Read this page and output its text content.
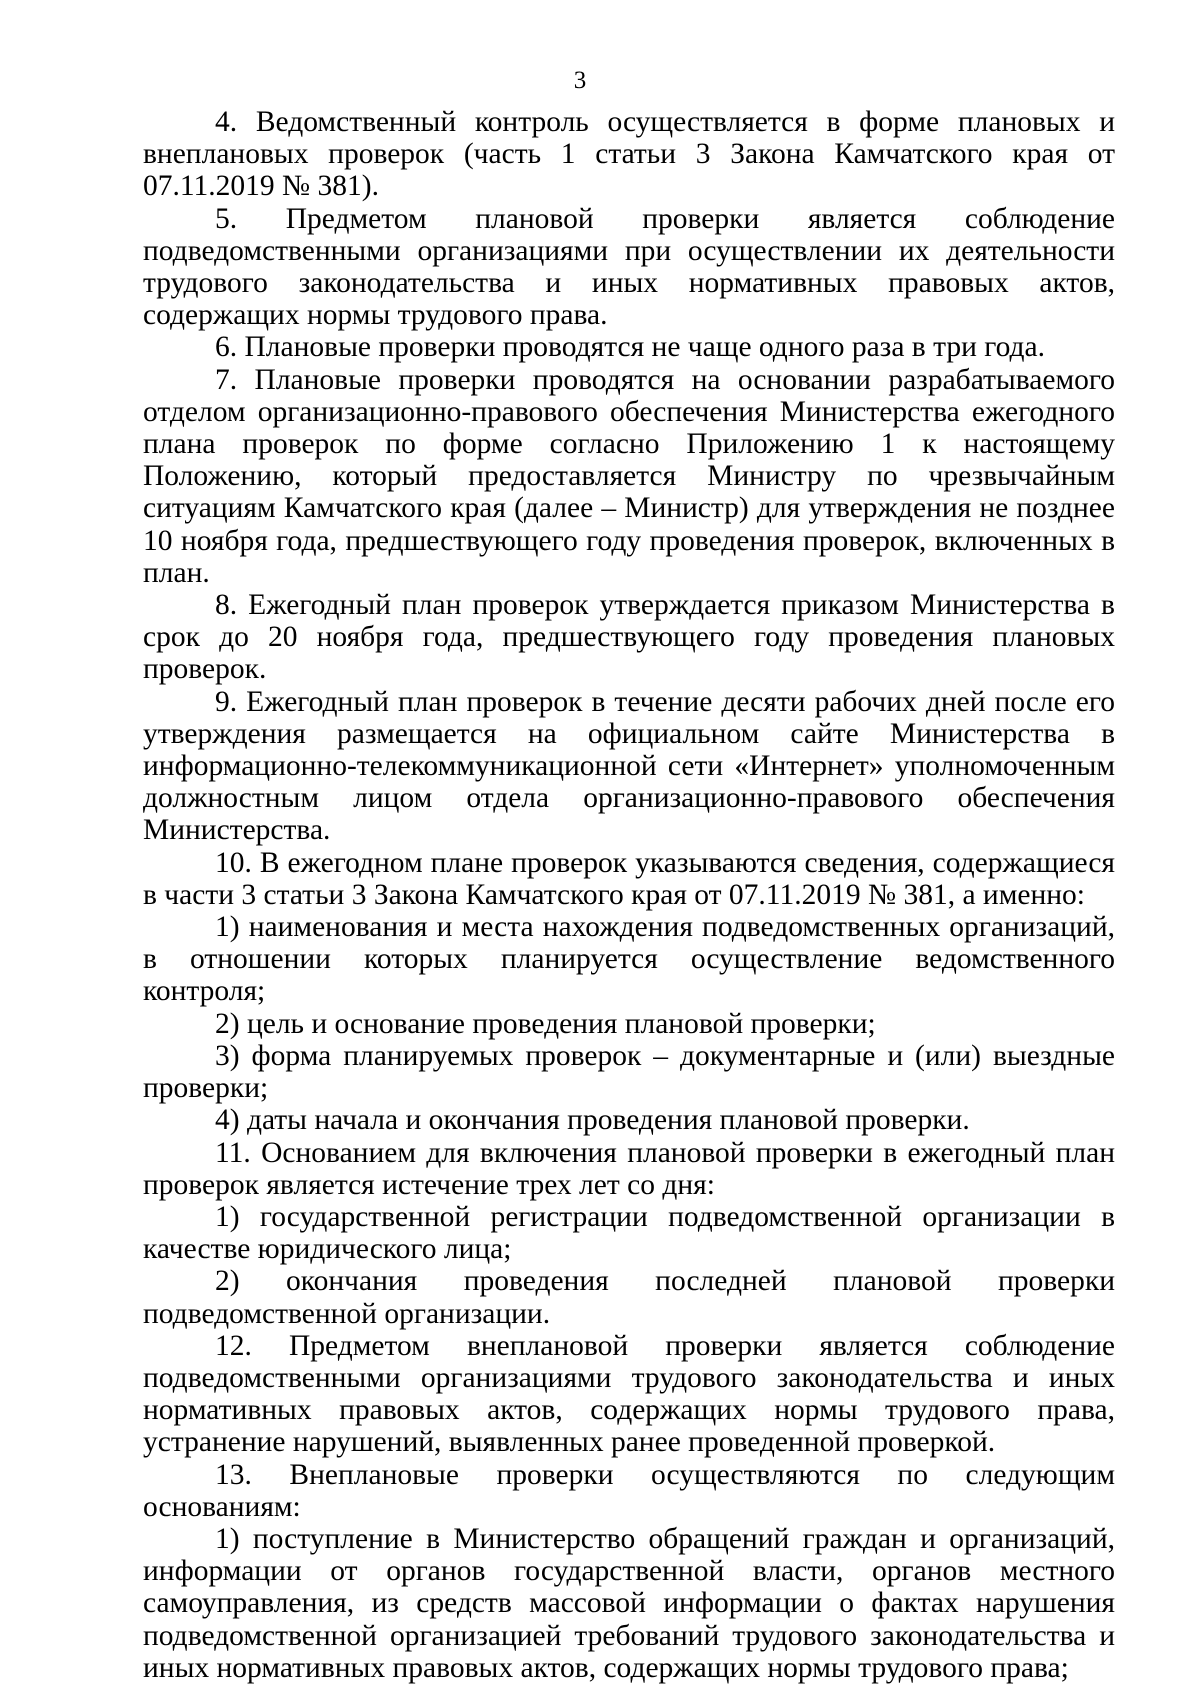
3

4. Ведомственный контроль осуществляется в форме плановых и внеплановых проверок (часть 1 статьи 3 Закона Камчатского края от 07.11.2019 № 381).

5. Предметом плановой проверки является соблюдение подведомственными организациями при осуществлении их деятельности трудового законодательства и иных нормативных правовых актов, содержащих нормы трудового права.

6. Плановые проверки проводятся не чаще одного раза в три года.

7. Плановые проверки проводятся на основании разрабатываемого отделом организационно-правового обеспечения Министерства ежегодного плана проверок по форме согласно Приложению 1 к настоящему Положению, который предоставляется Министру по чрезвычайным ситуациям Камчатского края (далее – Министр) для утверждения не позднее 10 ноября года, предшествующего году проведения проверок, включенных в план.

8. Ежегодный план проверок утверждается приказом Министерства в срок до 20 ноября года, предшествующего году проведения плановых проверок.

9. Ежегодный план проверок в течение десяти рабочих дней после его утверждения размещается на официальном сайте Министерства в информационно-телекоммуникационной сети «Интернет» уполномоченным должностным лицом отдела организационно-правового обеспечения Министерства.

10. В ежегодном плане проверок указываются сведения, содержащиеся в части 3 статьи 3 Закона Камчатского края от 07.11.2019 № 381, а именно:

1) наименования и места нахождения подведомственных организаций, в отношении которых планируется осуществление ведомственного контроля;

2) цель и основание проведения плановой проверки;

3) форма планируемых проверок – документарные и (или) выездные проверки;

4) даты начала и окончания проведения плановой проверки.

11. Основанием для включения плановой проверки в ежегодный план проверок является истечение трех лет со дня:

1) государственной регистрации подведомственной организации в качестве юридического лица;

2) окончания проведения последней плановой проверки подведомственной организации.

12. Предметом внеплановой проверки является соблюдение подведомственными организациями трудового законодательства и иных нормативных правовых актов, содержащих нормы трудового права, устранение нарушений, выявленных ранее проведенной проверкой.

13. Внеплановые проверки осуществляются по следующим основаниям:

1) поступление в Министерство обращений граждан и организаций, информации от органов государственной власти, органов местного самоуправления, из средств массовой информации о фактах нарушения подведомственной организацией требований трудового законодательства и иных нормативных правовых актов, содержащих нормы трудового права;
